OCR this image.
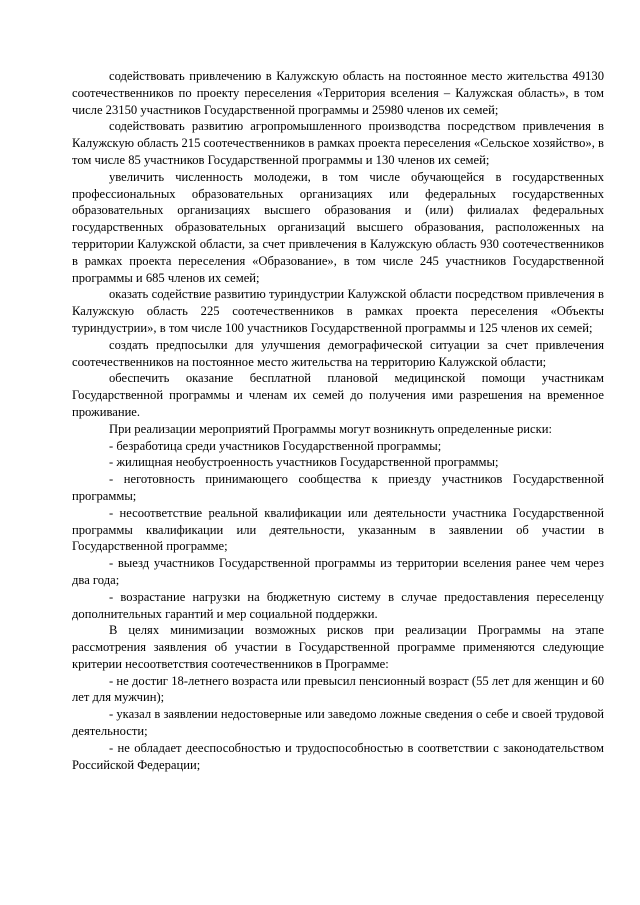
содействовать привлечению в Калужскую область на постоянное место жительства 49130 соотечественников по проекту переселения «Территория вселения – Калужская область», в том числе 23150 участников Государственной программы и 25980 членов их семей;

содействовать развитию агропромышленного производства посредством привлечения в Калужскую область 215 соотечественников в рамках проекта переселения «Сельское хозяйство», в том числе 85 участников Государственной программы и 130 членов их семей;

увеличить численность молодежи, в том числе обучающейся в государственных профессиональных образовательных организациях или федеральных государственных образовательных организациях высшего образования и (или) филиалах федеральных государственных образовательных организаций высшего образования, расположенных на территории Калужской области, за счет привлечения в Калужскую область 930 соотечественников в рамках проекта переселения «Образование», в том числе 245 участников Государственной программы и 685 членов их семей;

оказать содействие развитию туриндустрии Калужской области посредством привлечения в Калужскую область 225 соотечественников в рамках проекта переселения «Объекты туриндустрии», в том числе 100 участников Государственной программы и 125 членов их семей;

создать предпосылки для улучшения демографической ситуации за счет привлечения соотечественников на постоянное место жительства на территорию Калужской области;

обеспечить оказание бесплатной плановой медицинской помощи участникам Государственной программы и членам их семей до получения ими разрешения на временное проживание.

При реализации мероприятий Программы могут возникнуть определенные риски:

- безработица среди участников Государственной программы;

- жилищная необустроенность участников Государственной программы;

- неготовность принимающего сообщества к приезду участников Государственной программы;

- несоответствие реальной квалификации или деятельности участника Государственной программы квалификации или деятельности, указанным в заявлении об участии в Государственной программе;

- выезд участников Государственной программы из территории вселения ранее чем через два года;

- возрастание нагрузки на бюджетную систему в случае предоставления переселенцу дополнительных гарантий и мер социальной поддержки.

В целях минимизации возможных рисков при реализации Программы на этапе рассмотрения заявления об участии в Государственной программе применяются следующие критерии несоответствия соотечественников в Программе:

- не достиг 18-летнего возраста или превысил пенсионный возраст (55 лет для женщин и 60 лет для мужчин);

- указал в заявлении недостоверные или заведомо ложные сведения о себе и своей трудовой деятельности;

- не обладает дееспособностью и трудоспособностью в соответствии с законодательством Российской Федерации;
